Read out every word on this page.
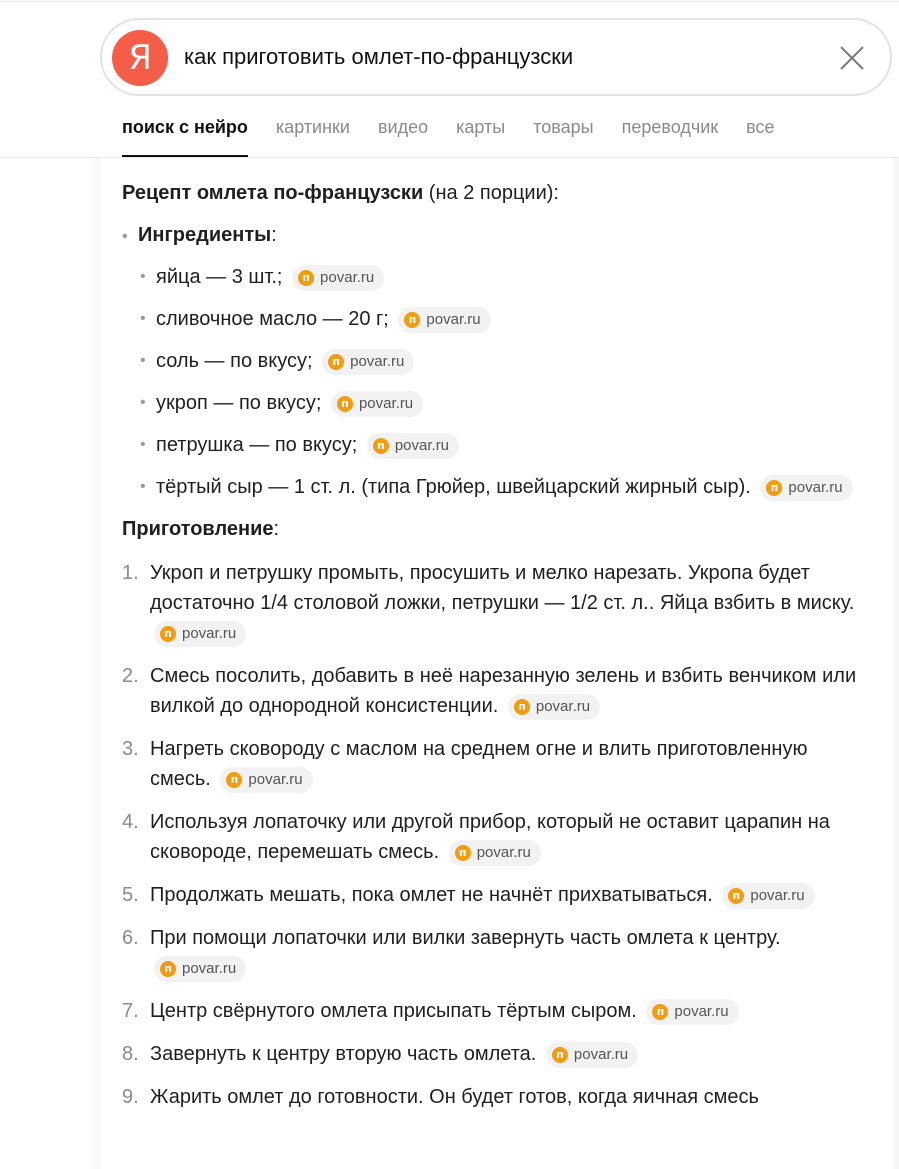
Я
как приготовить омлет-по-французски
поиск с нейро картинки видео карты товары переводчик все
Рецепт омлета по-французски (на 2 порции):
• Ингредиенты:
• яйца — 3 шт.;	п povar.ru
• сливочное масло — 20 г;	п povar.ru
• соль — по вкусу;	п povar.ru
• укроп — по вкусу;	п povar.ru
• петрушка — по вкусу;	п povar.ru
• тёртый сыр — 1 ст. л. (типа Грюйер, швейцарский жирный сыр).	п povar.ru
Приготовление:
1. Укроп и петрушку промыть, просушить и мелко нарезать. Укропа будет достаточно 1/4 столовой ложки, петрушки — 1/2 ст. л.. Яйца взбить в миску.
п povar.ru
2. Смесь посолить, добавить в неё нарезанную зелень и взбить венчиком или вилкой до однородной консистенции.	п povar.ru
3. Нагреть сковороду с маслом на среднем огне и влить приготовленную смесь.	п povar.ru
4. Используя лопаточку или другой прибор, который не оставит царапин на сковороде, перемешать смесь.	п povar.ru
5. Продолжать мешать, пока омлет не начнёт прихватываться.	п povar.ru
6. При помощи лопаточки или вилки завернуть часть омлета к центру.
п povar.ru
7. Центр свёрнутого омлета присыпать тёртым сыром.	п povar.ru
8. Завернуть к центру вторую часть омлета.	п povar.ru
9. Жарить омлет до готовности. Он будет готов, когда яичная смесь
